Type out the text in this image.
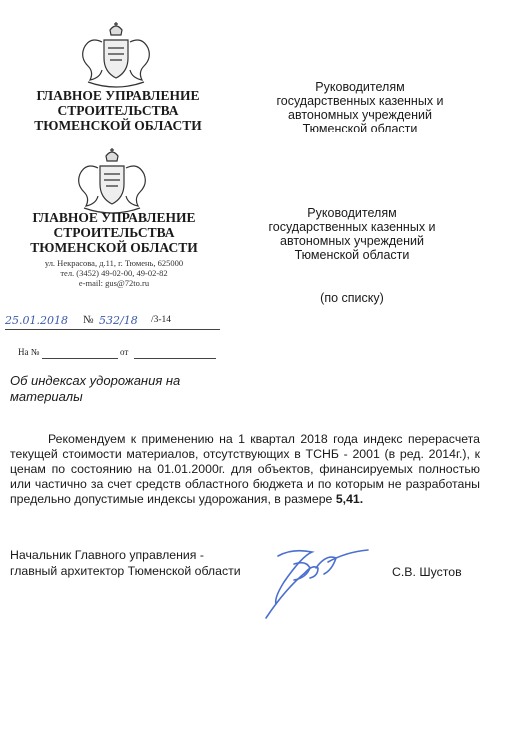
ГЛАВНОЕ УПРАВЛЕНИЕ
СТРОИТЕЛЬСТВА
ТЮМЕНСКОЙ ОБЛАСТИ
Руководителям
государственных казенных и
автономных учреждений
Тюменской области
ГЛАВНОЕ УПРАВЛЕНИЕ
СТРОИТЕЛЬСТВА
ТЮМЕНСКОЙ ОБЛАСТИ
ул. Некрасова, д.11, г. Тюмень, 625000
тел. (3452) 49-02-00, 49-02-82
e-mail: gus@72to.ru
Руководителям
государственных казенных и
автономных учреждений
Тюменской области
(по списку)
25.01.2018 № 532/18 /3-14
На №	от
Об индексах удорожания на материалы
Рекомендуем к применению на 1 квартал 2018 года индекс перерасчета текущей стоимости материалов, отсутствующих в ТСНБ - 2001 (в ред. 2014г.), к ценам по состоянию на 01.01.2000г. для объектов, финансируемых полностью или частично за счет средств областного бюджета и по которым не разработаны предельно допустимые индексы удорожания, в размере 5,41.
Начальник Главного управления -
главный архитектор Тюменской области	С.В. Шустов
